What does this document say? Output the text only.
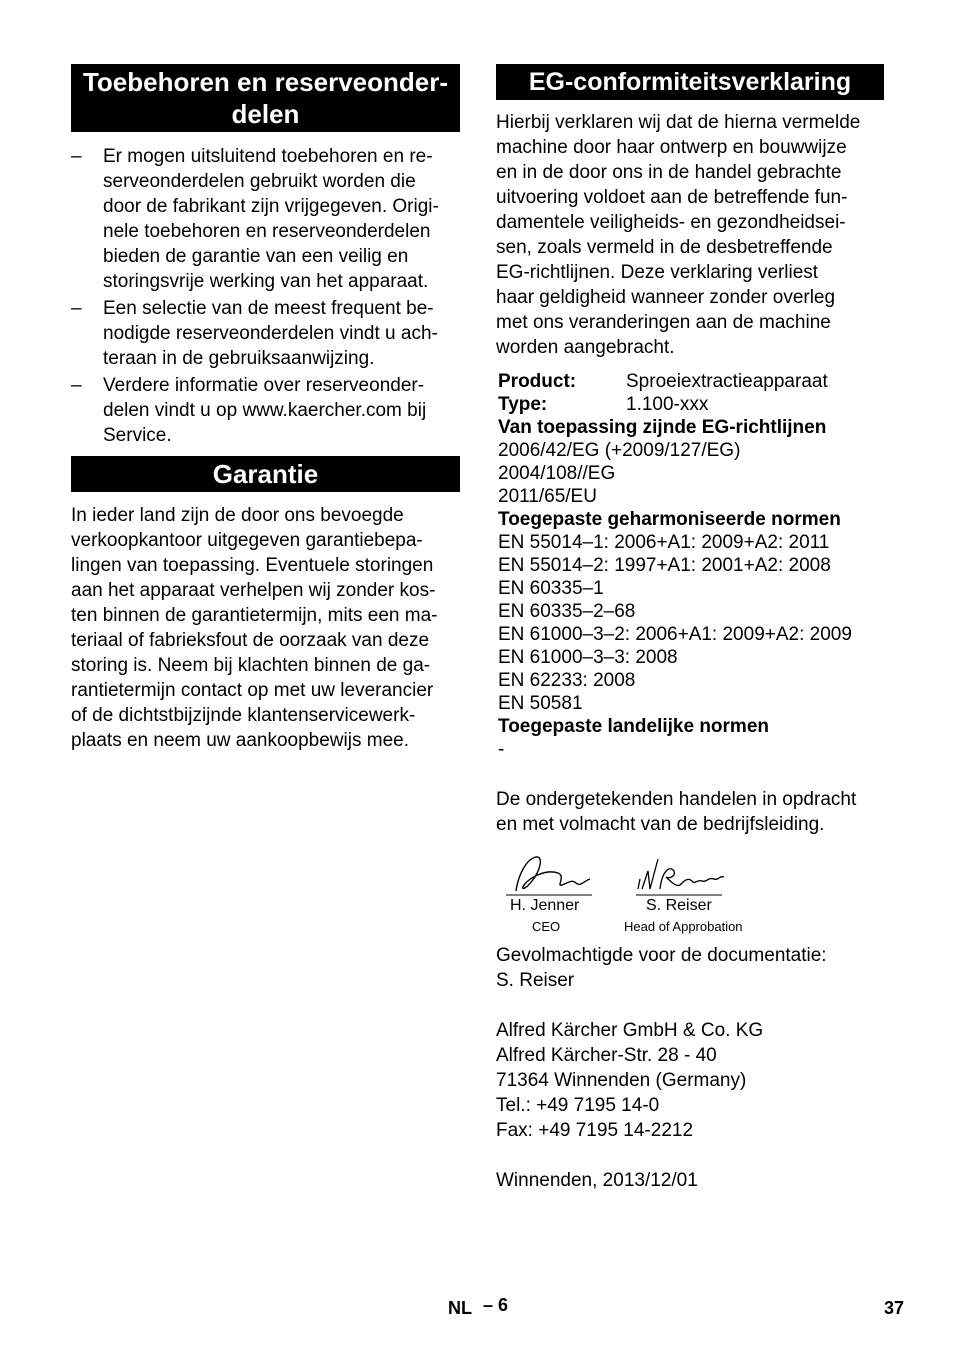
Toebehoren en reserveonder-
delen
– Er mogen uitsluitend toebehoren en re-
serveonderdelen gebruikt worden die
door de fabrikant zijn vrijgegeven. Origi-
nele toebehoren en reserveonderdelen
bieden de garantie van een veilig en
storingsvrije werking van het apparaat.
– Een selectie van de meest frequent be-
nodigde reserveonderdelen vindt u ach-
teraan in de gebruiksaanwijzing.
– Verdere informatie over reserveonder-
delen vindt u op www.kaercher.com bij
Service.
Garantie

In ieder land zijn de door ons bevoegde
verkoopkantoor uitgegeven garantiebepa-
lingen van toepassing. Eventuele storingen
aan het apparaat verhelpen wij zonder kos-
ten binnen de garantietermijn, mits een ma-
teriaal of fabrieksfout de oorzaak van deze
storing is. Neem bij klachten binnen de ga-
rantietermijn contact op met uw leverancier
of de dichtstbijzijnde klantenservicewerk-
plaats en neem uw aankoopbewijs mee.

EG-conformiteitsverklaring

Hierbij verklaren wij dat de hierna vermelde
machine door haar ontwerp en bouwwijze
en in de door ons in de handel gebrachte
uitvoering voldoet aan de betreffende fun-
damentele veiligheids- en gezondheidsei-
sen, zoals vermeld in de desbetreffende
EG-richtlijnen. Deze verklaring verliest
haar geldigheid wanneer zonder overleg
met ons veranderingen aan de machine
worden aangebracht.

Product:	Sproeiextractieapparaat
Type:	1.100-xxx
Van toepassing zijnde EG-richtlijnen
2006/42/EG (+2009/127/EG)
2004/108//EG
2011/65/EU
Toegepaste geharmoniseerde normen
EN 55014–1: 2006+A1: 2009+A2: 2011
EN 55014–2: 1997+A1: 2001+A2: 2008
EN 60335–1
EN 60335–2–68
EN 61000–3–2: 2006+A1: 2009+A2: 2009
EN 61000–3–3: 2008
EN 62233: 2008
EN 50581
Toegepaste landelijke normen
-

De ondergetekenden handelen in opdracht
en met volmacht van de bedrijfsleiding.

H. Jenner
CEO
S. Reiser
Head of Approbation

Gevolmachtigde voor de documentatie:
S. Reiser

Alfred Kärcher GmbH & Co. KG
Alfred Kärcher-Str. 28 - 40
71364 Winnenden (Germany)
Tel.: +49 7195 14-0
Fax: +49 7195 14-2212

Winnenden, 2013/12/01

NL – 6	37
